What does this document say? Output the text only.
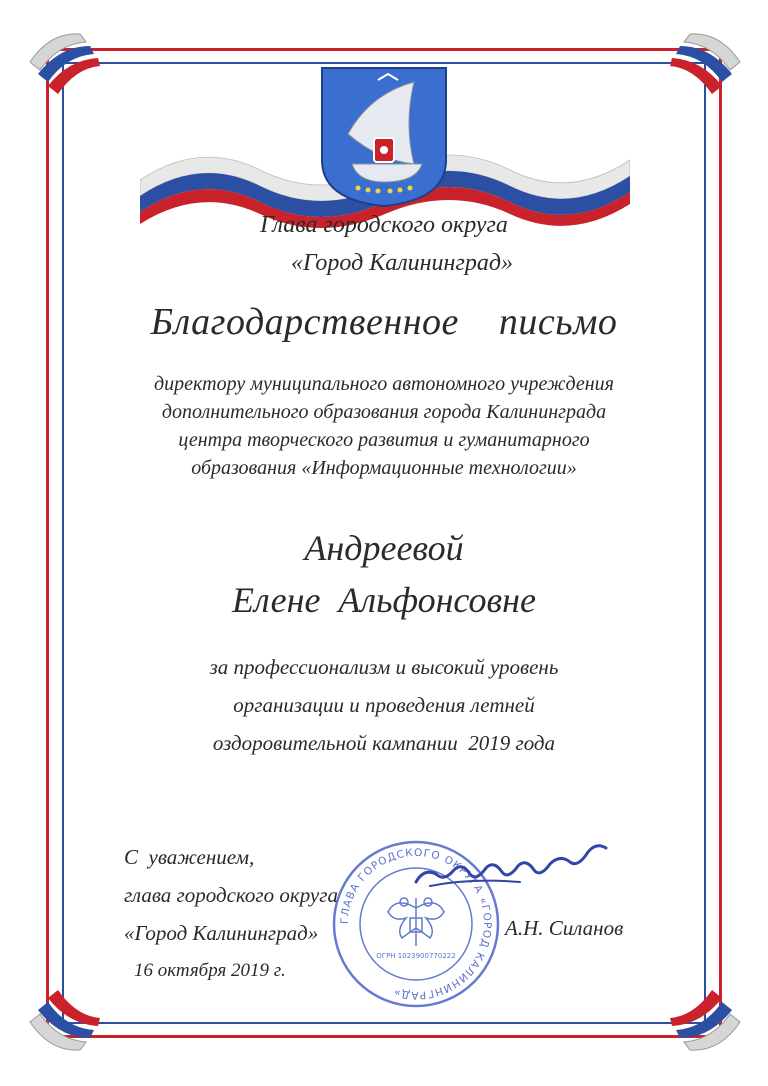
Глава городского округа
«Город Калининград»
Благодарственное    письмо
директору муниципального автономного учреждения
дополнительного образования города Калининграда
центра творческого развития и гуманитарного
образования «Информационные технологии»
Андреевой
Елене  Альфонсовне
за профессионализм и высокий уровень
организации и проведения летней
оздоровительной кампании  2019 года
ГЛАВА ГОРОДСКОГО ОКРУГА «ГОРОД КАЛИНИНГРАД»
ОГРН 1023900770222
С  уважением,
глава городского округа
«Город Калининград»	А.Н. Силанов
16 октября 2019 г.
